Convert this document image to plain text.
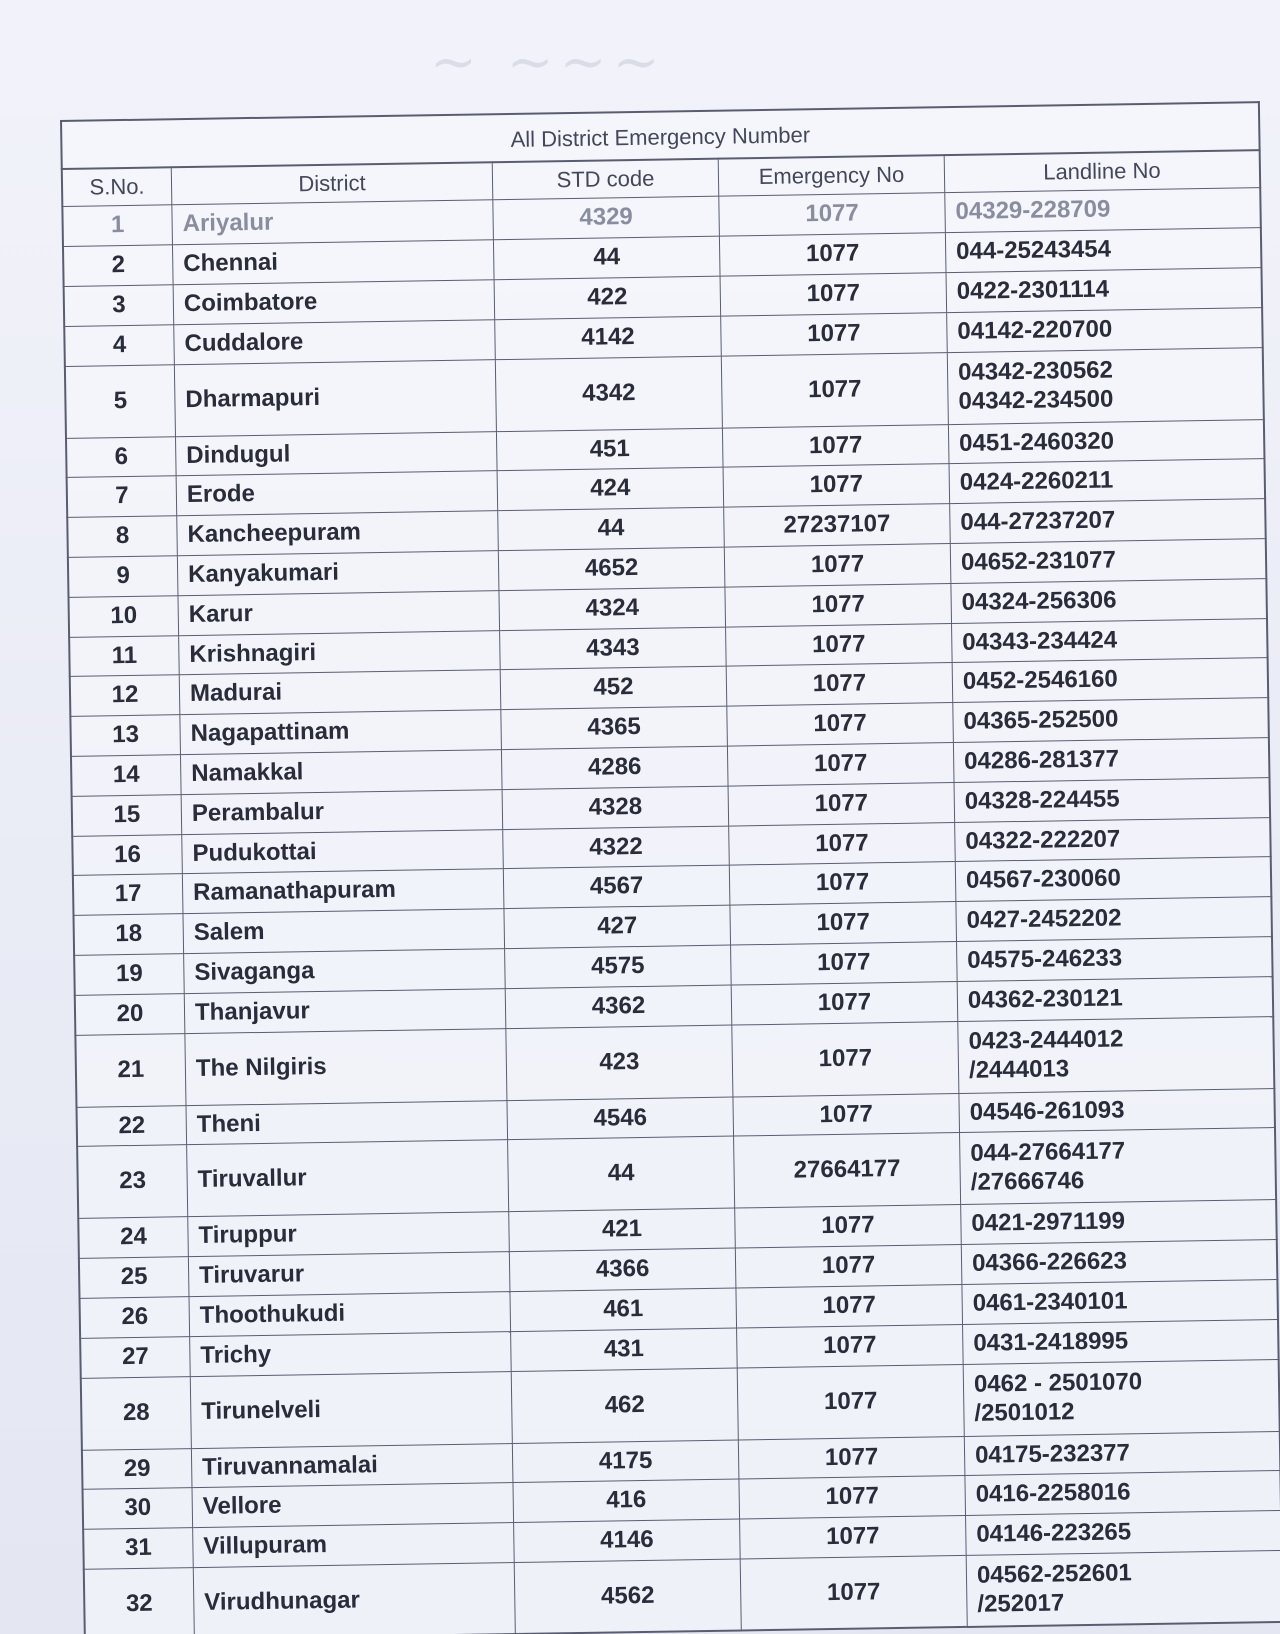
~ ~~~
All District Emergency Number
S.No.	District	STD code	Emergency No	Landline No
1	Ariyalur	4329	1077	04329-228709
2	Chennai	44	1077	044-25243454
3	Coimbatore	422	1077	0422-2301114
4	Cuddalore	4142	1077	04142-220700
5	Dharmapuri	4342	1077	04342-230562
04342-234500
6	Dindugul	451	1077	0451-2460320
7	Erode	424	1077	0424-2260211
8	Kancheepuram	44	27237107	044-27237207
9	Kanyakumari	4652	1077	04652-231077
10	Karur	4324	1077	04324-256306
11	Krishnagiri	4343	1077	04343-234424
12	Madurai	452	1077	0452-2546160
13	Nagapattinam	4365	1077	04365-252500
14	Namakkal	4286	1077	04286-281377
15	Perambalur	4328	1077	04328-224455
16	Pudukottai	4322	1077	04322-222207
17	Ramanathapuram	4567	1077	04567-230060
18	Salem	427	1077	0427-2452202
19	Sivaganga	4575	1077	04575-246233
20	Thanjavur	4362	1077	04362-230121
21	The Nilgiris	423	1077	0423-2444012
/2444013
22	Theni	4546	1077	04546-261093
23	Tiruvallur	44	27664177	044-27664177
/27666746
24	Tiruppur	421	1077	0421-2971199
25	Tiruvarur	4366	1077	04366-226623
26	Thoothukudi	461	1077	0461-2340101
27	Trichy	431	1077	0431-2418995
28	Tirunelveli	462	1077	0462 - 2501070
/2501012
29	Tiruvannamalai	4175	1077	04175-232377
30	Vellore	416	1077	0416-2258016
31	Villupuram	4146	1077	04146-223265
32	Virudhunagar	4562	1077	04562-252601
/252017
